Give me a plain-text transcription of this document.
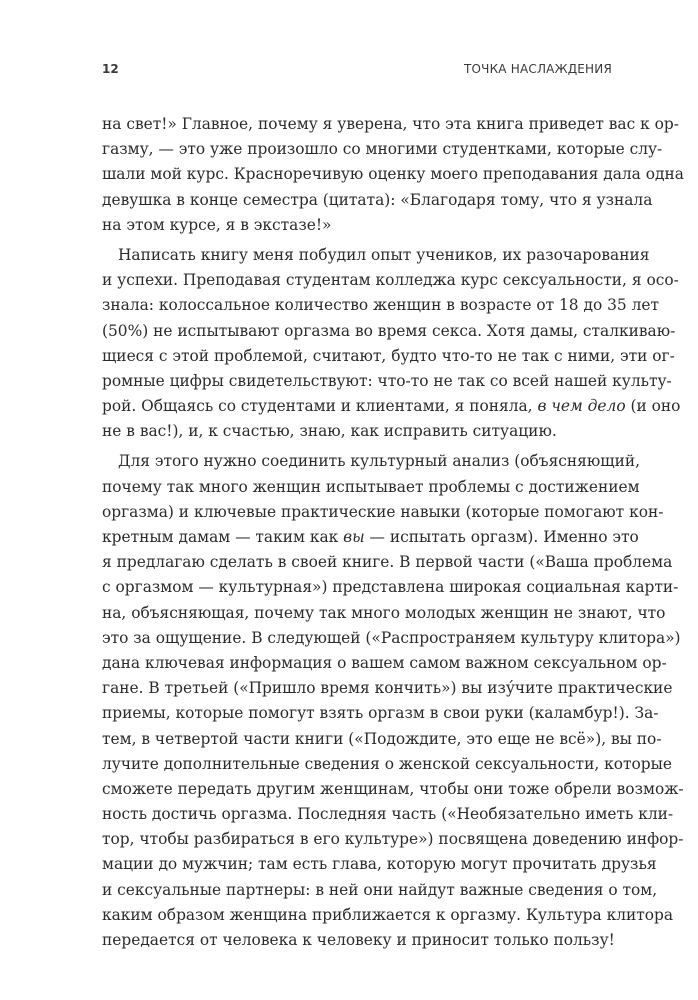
12	ТОЧКА НАСЛАЖДЕНИЯ
на свет!» Главное, почему я уверена, что эта книга приведет вас к ор-
газму, — это уже произошло со многими студентками, которые слу-
шали мой курс. Красноречивую оценку моего преподавания дала одна
девушка в конце семестра (цитата): «Благодаря тому, что я узнала
на этом курсе, я в экстазе!»
Написать книгу меня побудил опыт учеников, их разочарования
и успехи. Преподавая студентам колледжа курс сексуальности, я осо-
знала: колоссальное количество женщин в возрасте от 18 до 35 лет
(50%) не испытывают оргазма во время секса. Хотя дамы, сталкиваю-
щиеся с этой проблемой, считают, будто что-то не так с ними, эти ог-
ромные цифры свидетельствуют: что-то не так со всей нашей культу-
рой. Общаясь со студентами и клиентами, я поняла, в чем дело (и оно
не в вас!), и, к счастью, знаю, как исправить ситуацию.
Для этого нужно соединить культурный анализ (объясняющий,
почему так много женщин испытывает проблемы с достижением
оргазма) и ключевые практические навыки (которые помогают кон-
кретным дамам — таким как вы — испытать оргазм). Именно это
я предлагаю сделать в своей книге. В первой части («Ваша проблема
с оргазмом — культурная») представлена широкая социальная карти-
на, объясняющая, почему так много молодых женщин не знают, что
это за ощущение. В следующей («Распространяем культуру клитора»)
дана ключевая информация о вашем самом важном сексуальном ор-
гане. В третьей («Пришло время кончить») вы изу́чите практические
приемы, которые помогут взять оргазм в свои руки (каламбур!). За-
тем, в четвертой части книги («Подождите, это еще не всё»), вы по-
лучите дополнительные сведения о женской сексуальности, которые
сможете передать другим женщинам, чтобы они тоже обрели возмож-
ность достичь оргазма. Последняя часть («Необязательно иметь кли-
тор, чтобы разбираться в его культуре») посвящена доведению инфор-
мации до мужчин; там есть глава, которую могут прочитать друзья
и сексуальные партнеры: в ней они найдут важные сведения о том,
каким образом женщина приближается к оргазму. Культура клитора
передается от человека к человеку и приносит только пользу!
